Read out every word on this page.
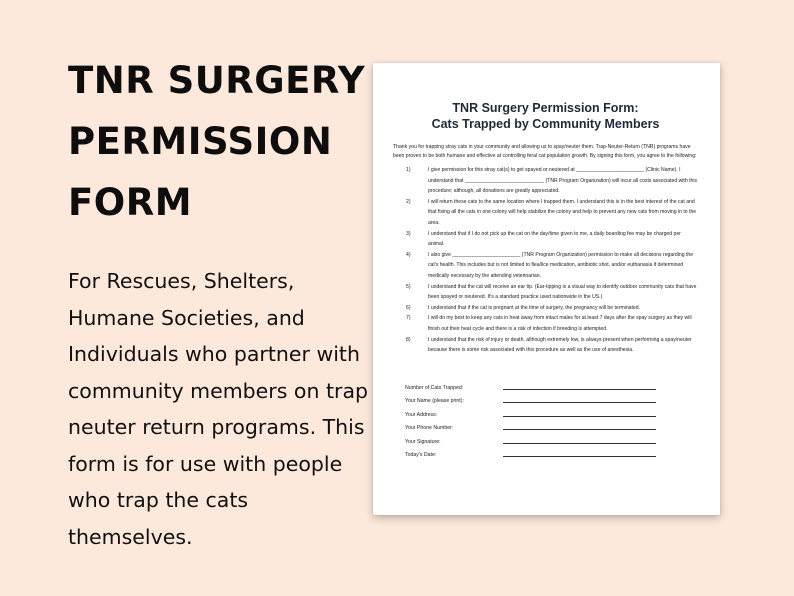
TNR SURGERY
PERMISSION
FORM

For Rescues, Shelters, Humane Societies, and Individuals who partner with community members on trap neuter return programs. This form is for use with people who trap the cats themselves.

TNR Surgery Permission Form:
Cats Trapped by Community Members

Thank you for trapping stray cats in your community and allowing us to spay/neuter them. Trap-Neuter-Return (TNR) programs have been proven to be both humane and effective at controlling feral cat population growth. By signing this form, you agree to the following:

1)	I give permission for this stray cat(s) to get spayed or neutered at ________________________ (Clinic Name). I understand that ____________________________ (TNR Program Organization) will incur all costs associated with this procedure; although, all donations are greatly appreciated.
2)	I will return these cats to the same location where I trapped them. I understand this is in the best interest of the cat and that fixing all the cats in one colony will help stabilize the colony and help to prevent any new cats from moving in to the area.
3)	I understand that if I do not pick up the cat on the day/time given to me, a daily boarding fee may be charged per animal.
4)	I also give ________________________ (TNR Program Organization) permission to make all decisions regarding the cat's health. This includes but is not limited to flea/lice medication, antibiotic shot, and/or euthanasia if determined medically necessary by the attending veterinarian.
5)	I understand that the cat will receive an ear tip. (Ear-tipping is a visual way to identify outdoor community cats that have been spayed or neutered. It's a standard practice used nationwide in the US.)
6)	I understand that if the cat is pregnant at the time of surgery, the pregnancy will be terminated.
7)	I will do my best to keep any cats in heat away from intact males for at least 7 days after the spay surgery as they will finish out their heat cycle and there is a risk of infection if breeding is attempted.
8)	I understand that the risk of injury or death, although extremely low, is always present when performing a spay/neuter because there is some risk associated with this procedure as well as the use of anesthesia.
Number of Cats Trapped:
Your Name (please print):
Your Address:
Your Phone Number:
Your Signature:
Today's Date:
